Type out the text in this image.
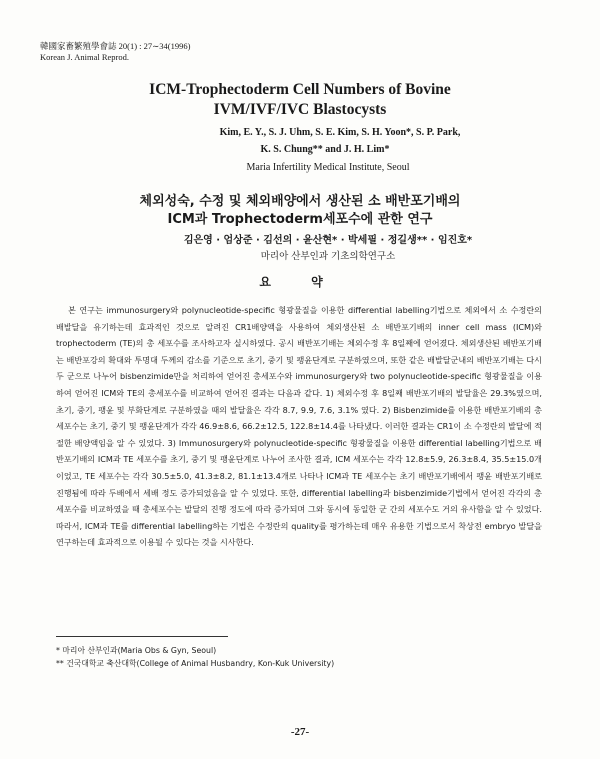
韓國家畜繁殖學會誌 20(1) : 27∼34(1996)
Korean J. Animal Reprod.
ICM-Trophectoderm Cell Numbers of Bovine
IVM/IVF/IVC Blastocysts
Kim, E. Y., S. J. Uhm, S. E. Kim, S. H. Yoon*, S. P. Park,
K. S. Chung** and J. H. Lim*
Maria Infertility Medical Institute, Seoul
체외성숙, 수정 및 체외배양에서 생산된 소 배반포기배의
ICM과 Trophectoderm세포수에 관한 연구
김은영 · 엄상준 · 김선의 · 윤산현* · 박세필 · 정길생** · 임진호*
마리아 산부인과 기초의학연구소
요 약
본 연구는 immunosurgery와 polynucleotide-specific 형광물질을 이용한 differential labelling기법으로 체외에서 소 수정란의 배발달을 유기하는데 효과적인 것으로 알려진 CR1배양액을 사용하여 체외생산된 소 배반포기배의 inner cell mass (ICM)와 trophectoderm (TE)의 총 세포수를 조사하고자 실시하였다. 공시 배반포기배는 체외수정 후 8일째에 얻어졌다. 체외생산된 배반포기배는 배반포강의 확대와 투명대 두께의 감소를 기준으로 초기, 중기 및 팽윤단계로 구분하였으며, 또한 같은 배발달군내의 배반포기배는 다시 두 군으로 나누어 bisbenzimide만을 처리하여 얻어진 총세포수와 immunosurgery와 two polynucleotide-specific 형광물질을 이용하여 얻어진 ICM와 TE의 총세포수를 비교하여 얻어진 결과는 다음과 같다. 1) 체외수정 후 8일째 배반포기배의 발달율은 29.3%였으며, 초기, 중기, 팽윤 및 부화단계로 구분하였을 때의 발달율은 각각 8.7, 9.9, 7.6, 3.1% 였다. 2) Bisbenzimide를 이용한 배반포기배의 총 세포수는 초기, 중기 및 팽윤단계가 각각 46.9±8.6, 66.2±12.5, 122.8±14.4를 나타냈다. 이러한 결과는 CR1이 소 수정란의 발달에 적절한 배양액임을 알 수 있었다. 3) Immunosurgery와 polynucleotide-specific 형광물질을 이용한 differential labelling기법으로 배반포기배의 ICM과 TE 세포수를 초기, 중기 및 팽윤단계로 나누어 조사한 결과, ICM 세포수는 각각 12.8±5.9, 26.3±8.4, 35.5±15.0개 이었고, TE 세포수는 각각 30.5±5.0, 41.3±8.2, 81.1±13.4개로 나타나 ICM과 TE 세포수는 초기 배반포기배에서 팽윤 배반포기배로 진행됨에 따라 두배에서 세배 정도 증가되었음을 알 수 있었다. 또한, differential labelling과 bisbenzimide기법에서 얻어진 각각의 총세포수를 비교하였을 때 총세포수는 발달의 진행 정도에 따라 증가되며 그와 동시에 동일한 군 간의 세포수도 거의 유사함을 알 수 있었다. 따라서, ICM과 TE를 differential labelling하는 기법은 수정란의 quality를 평가하는데 매우 유용한 기법으로서 착상전 embryo 발달을 연구하는데 효과적으로 이용될 수 있다는 것을 시사한다.
* 마리아 산부인과(Maria Obs & Gyn, Seoul)
** 건국대학교 축산대학(College of Animal Husbandry, Kon-Kuk University)
-27-
